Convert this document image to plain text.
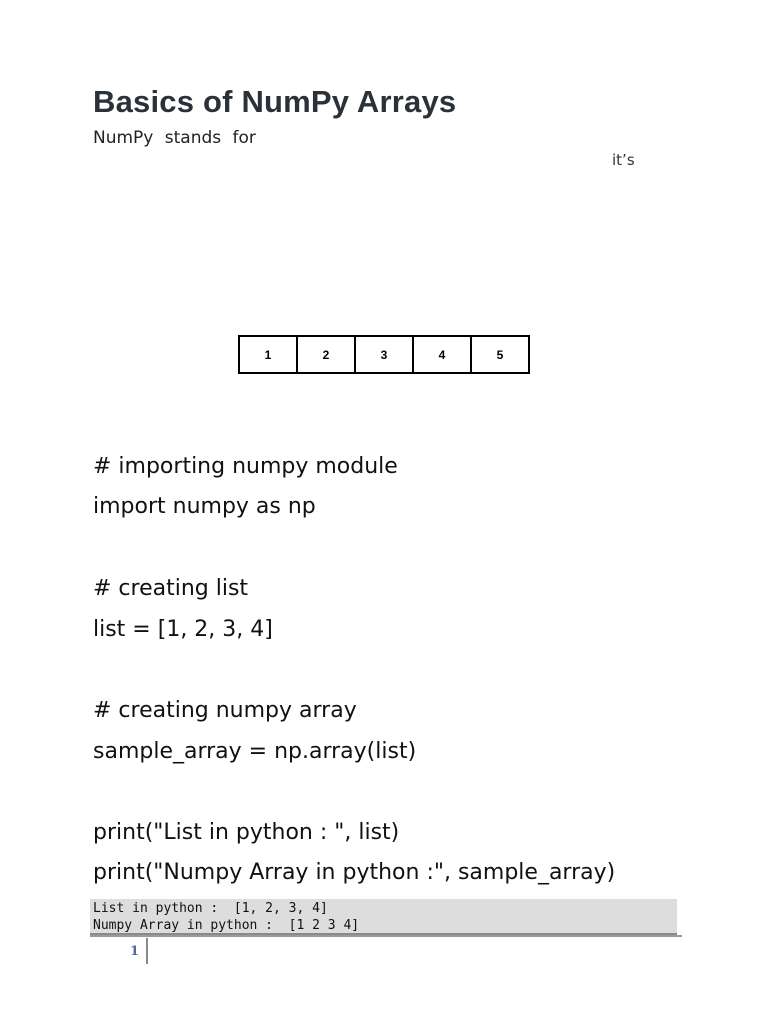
Basics of NumPy Arrays
NumPy stands for
it’s
1	2	3	4	5
# importing numpy module
import numpy as np
# creating list
list = [1, 2, 3, 4]
# creating numpy array
sample_array = np.array(list)
print("List in python : ", list)
print("Numpy Array in python :", sample_array)
List in python :  [1, 2, 3, 4]
Numpy Array in python :  [1 2 3 4]
1
